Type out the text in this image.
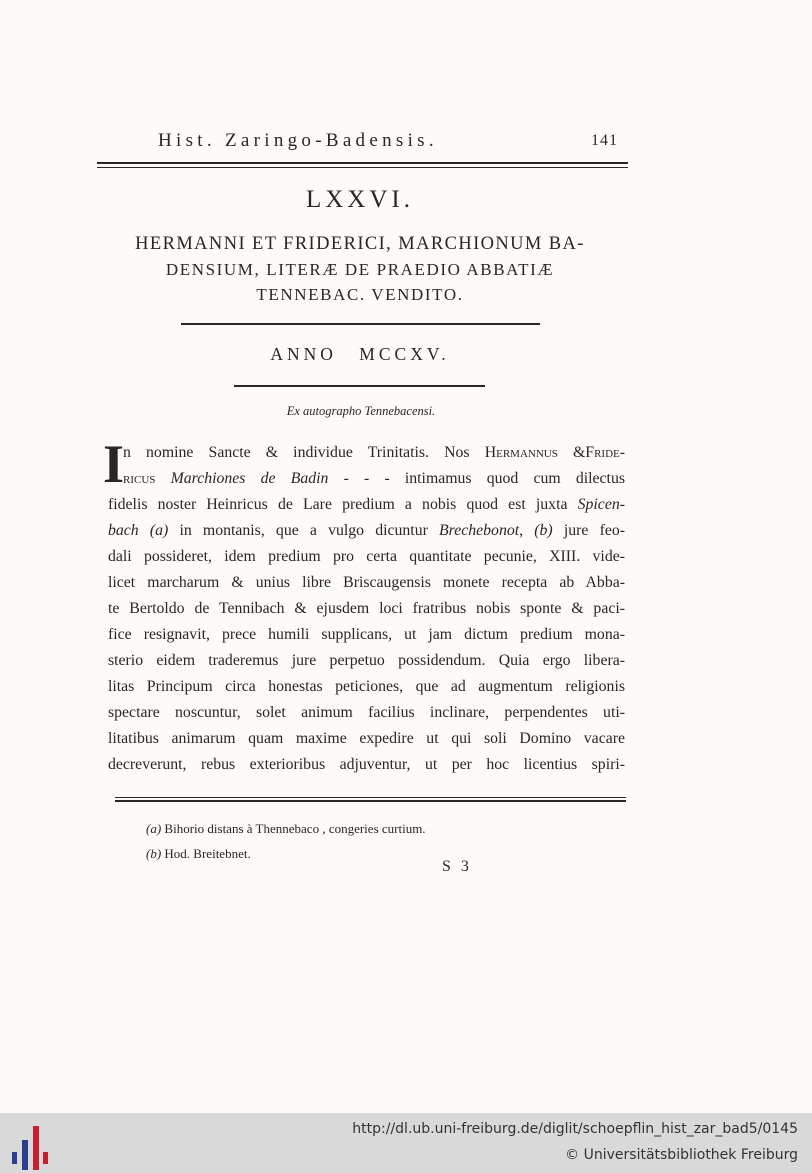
Hist. Zaringo-Badensis.	141
LXXVI.
HERMANNI ET FRIDERICI, MARCHIONUM BA-
DENSIUM, LITERÆ DE PRAEDIO ABBATIÆ
TENNEBAC. VENDITO.
ANNO MCCXV.
Ex autographo Tennebacensi.
I
n nomine Sancte & individue Trinitatis. Nos Hermannus &Fride-
ricus Marchiones de Badin - - - intimamus quod cum dilectus
fidelis noster Heinricus de Lare predium a nobis quod est juxta Spicen-
bach (a) in montanis, que a vulgo dicuntur Brechebonot, (b) jure feo-
dali possideret, idem predium pro certa quantitate pecunie, XIII. vide-
licet marcharum & unius libre Briscaugensis monete recepta ab Abba-
te Bertoldo de Tennibach & ejusdem loci fratribus nobis sponte & paci-
fice resignavit, prece humili supplicans, ut jam dictum predium mona-
sterio eidem traderemus jure perpetuo possidendum. Quia ergo libera-
litas Principum circa honestas peticiones, que ad augmentum religionis
spectare noscuntur, solet animum facilius inclinare, perpendentes uti-
litatibus animarum quam maxime expedire ut qui soli Domino vacare
decreverunt, rebus exterioribus adjuventur, ut per hoc licentius spiri-
(a) Bihorio distans à Thennebaco , congeries curtium.
(b) Hod. Breitebnet.
S 3
http://dl.ub.uni-freiburg.de/diglit/schoepflin_hist_zar_bad5/0145
© Universitätsbibliothek Freiburg
